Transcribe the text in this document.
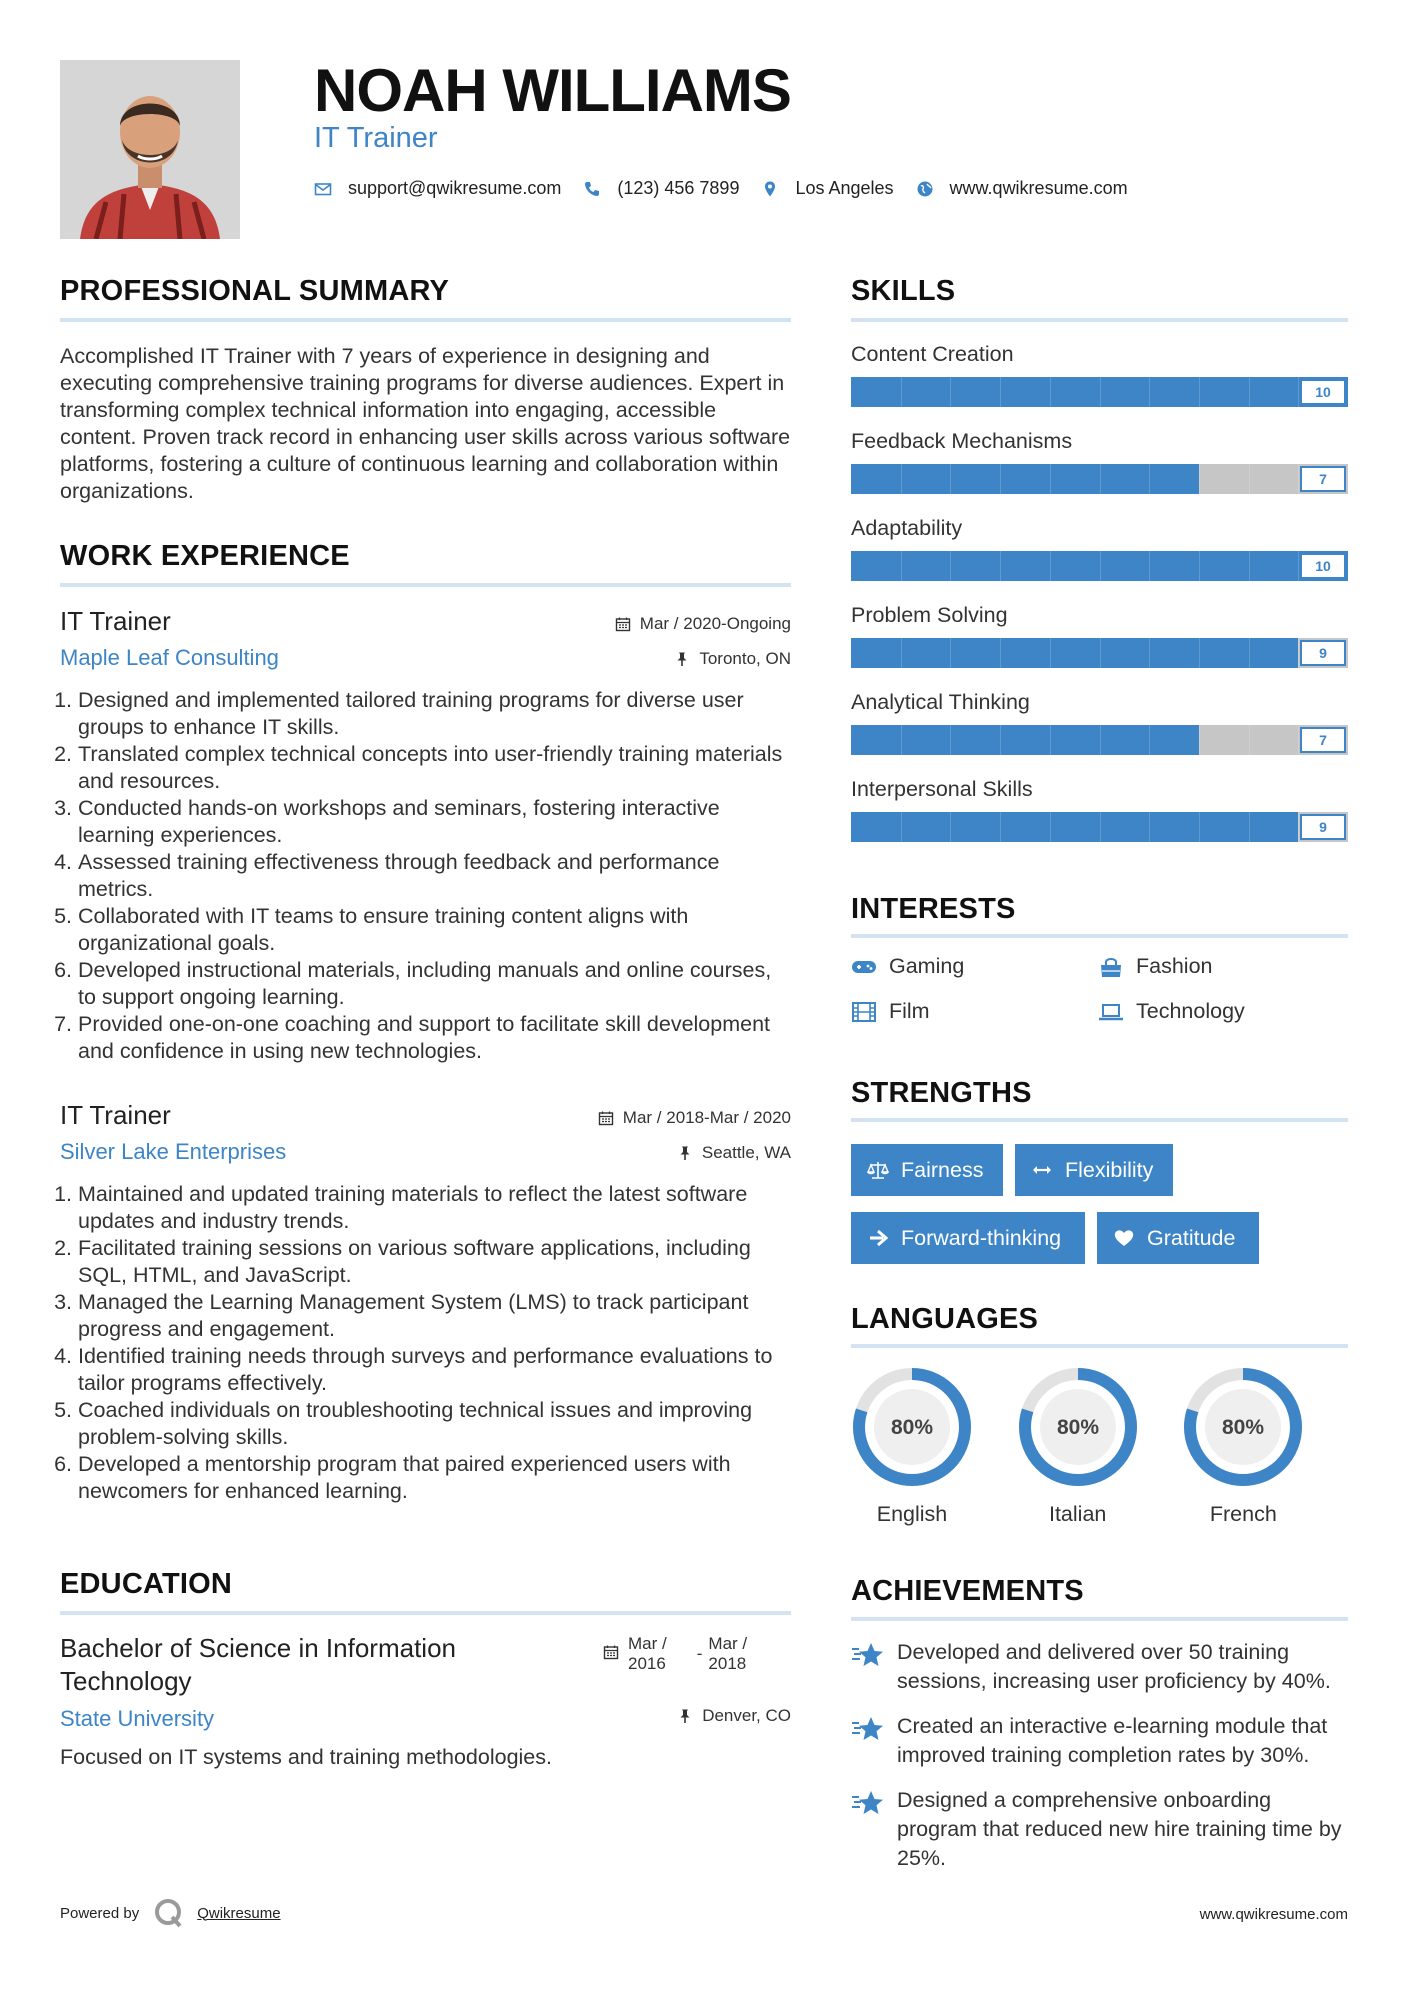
NOAH WILLIAMS
IT Trainer
support@qwikresume.com	(123) 456 7899	Los Angeles	www.qwikresume.com
PROFESSIONAL SUMMARY
Accomplished IT Trainer with 7 years of experience in designing and executing comprehensive training programs for diverse audiences. Expert in transforming complex technical information into engaging, accessible content. Proven track record in enhancing user skills across various software platforms, fostering a culture of continuous learning and collaboration within organizations.
WORK EXPERIENCE
IT Trainer	Mar / 2020-Ongoing
Maple Leaf Consulting	Toronto, ON
1. Designed and implemented tailored training programs for diverse user groups to enhance IT skills.
2. Translated complex technical concepts into user-friendly training materials and resources.
3. Conducted hands-on workshops and seminars, fostering interactive learning experiences.
4. Assessed training effectiveness through feedback and performance metrics.
5. Collaborated with IT teams to ensure training content aligns with organizational goals.
6. Developed instructional materials, including manuals and online courses, to support ongoing learning.
7. Provided one-on-one coaching and support to facilitate skill development and confidence in using new technologies.
IT Trainer	Mar / 2018-Mar / 2020
Silver Lake Enterprises	Seattle, WA
1. Maintained and updated training materials to reflect the latest software updates and industry trends.
2. Facilitated training sessions on various software applications, including SQL, HTML, and JavaScript.
3. Managed the Learning Management System (LMS) to track participant progress and engagement.
4. Identified training needs through surveys and performance evaluations to tailor programs effectively.
5. Coached individuals on troubleshooting technical issues and improving problem-solving skills.
6. Developed a mentorship program that paired experienced users with newcomers for enhanced learning.
EDUCATION
Bachelor of Science in Information
Technology
Mar /
2016
-
Mar /
2018
State University	Denver, CO
Focused on IT systems and training methodologies.
SKILLS
Content Creation
10
Feedback Mechanisms
7
Adaptability
10
Problem Solving
9
Analytical Thinking
7
Interpersonal Skills
9
INTERESTS
Gaming	Fashion
Film	Technology
STRENGTHS
Fairness	Flexibility
Forward-thinking	Gratitude
LANGUAGES
80%
English
80%
Italian
80%
French
ACHIEVEMENTS
Developed and delivered over 50 training sessions, increasing user proficiency by 40%.
Created an interactive e-learning module that improved training completion rates by 30%.
Designed a comprehensive onboarding program that reduced new hire training time by 25%.
Powered by	Qwikresume	www.qwikresume.com
